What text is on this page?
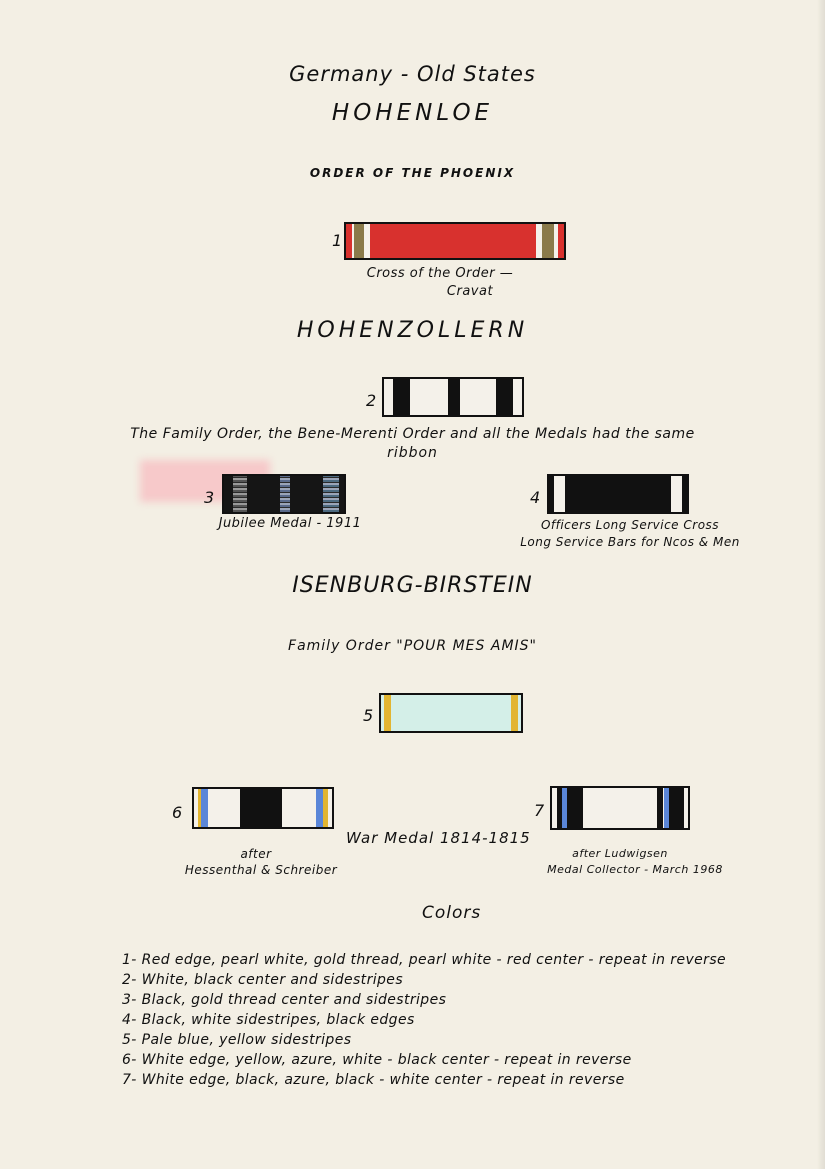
Germany - Old States
HOHENLOE
ORDER OF THE PHOENIX
1
Cross of the Order —
Cravat
HOHENZOLLERN
2
The Family Order, the Bene-Merenti Order and all the Medals had the same
ribbon
3
Jubilee Medal - 1911
4
Officers Long Service Cross
Long Service Bars for Ncos & Men
ISENBURG-BIRSTEIN
Family Order "POUR MES AMIS"
5
6
after
Hessenthal & Schreiber
War Medal 1814-1815
7
after Ludwigsen
Medal Collector - March 1968
Colors
1- Red edge, pearl white, gold thread, pearl white - red center - repeat in reverse
2- White, black center and sidestripes
3- Black, gold thread center and sidestripes
4- Black, white sidestripes, black edges
5- Pale blue, yellow sidestripes
6- White edge, yellow, azure, white - black center - repeat in reverse
7- White edge, black, azure, black - white center - repeat in reverse
